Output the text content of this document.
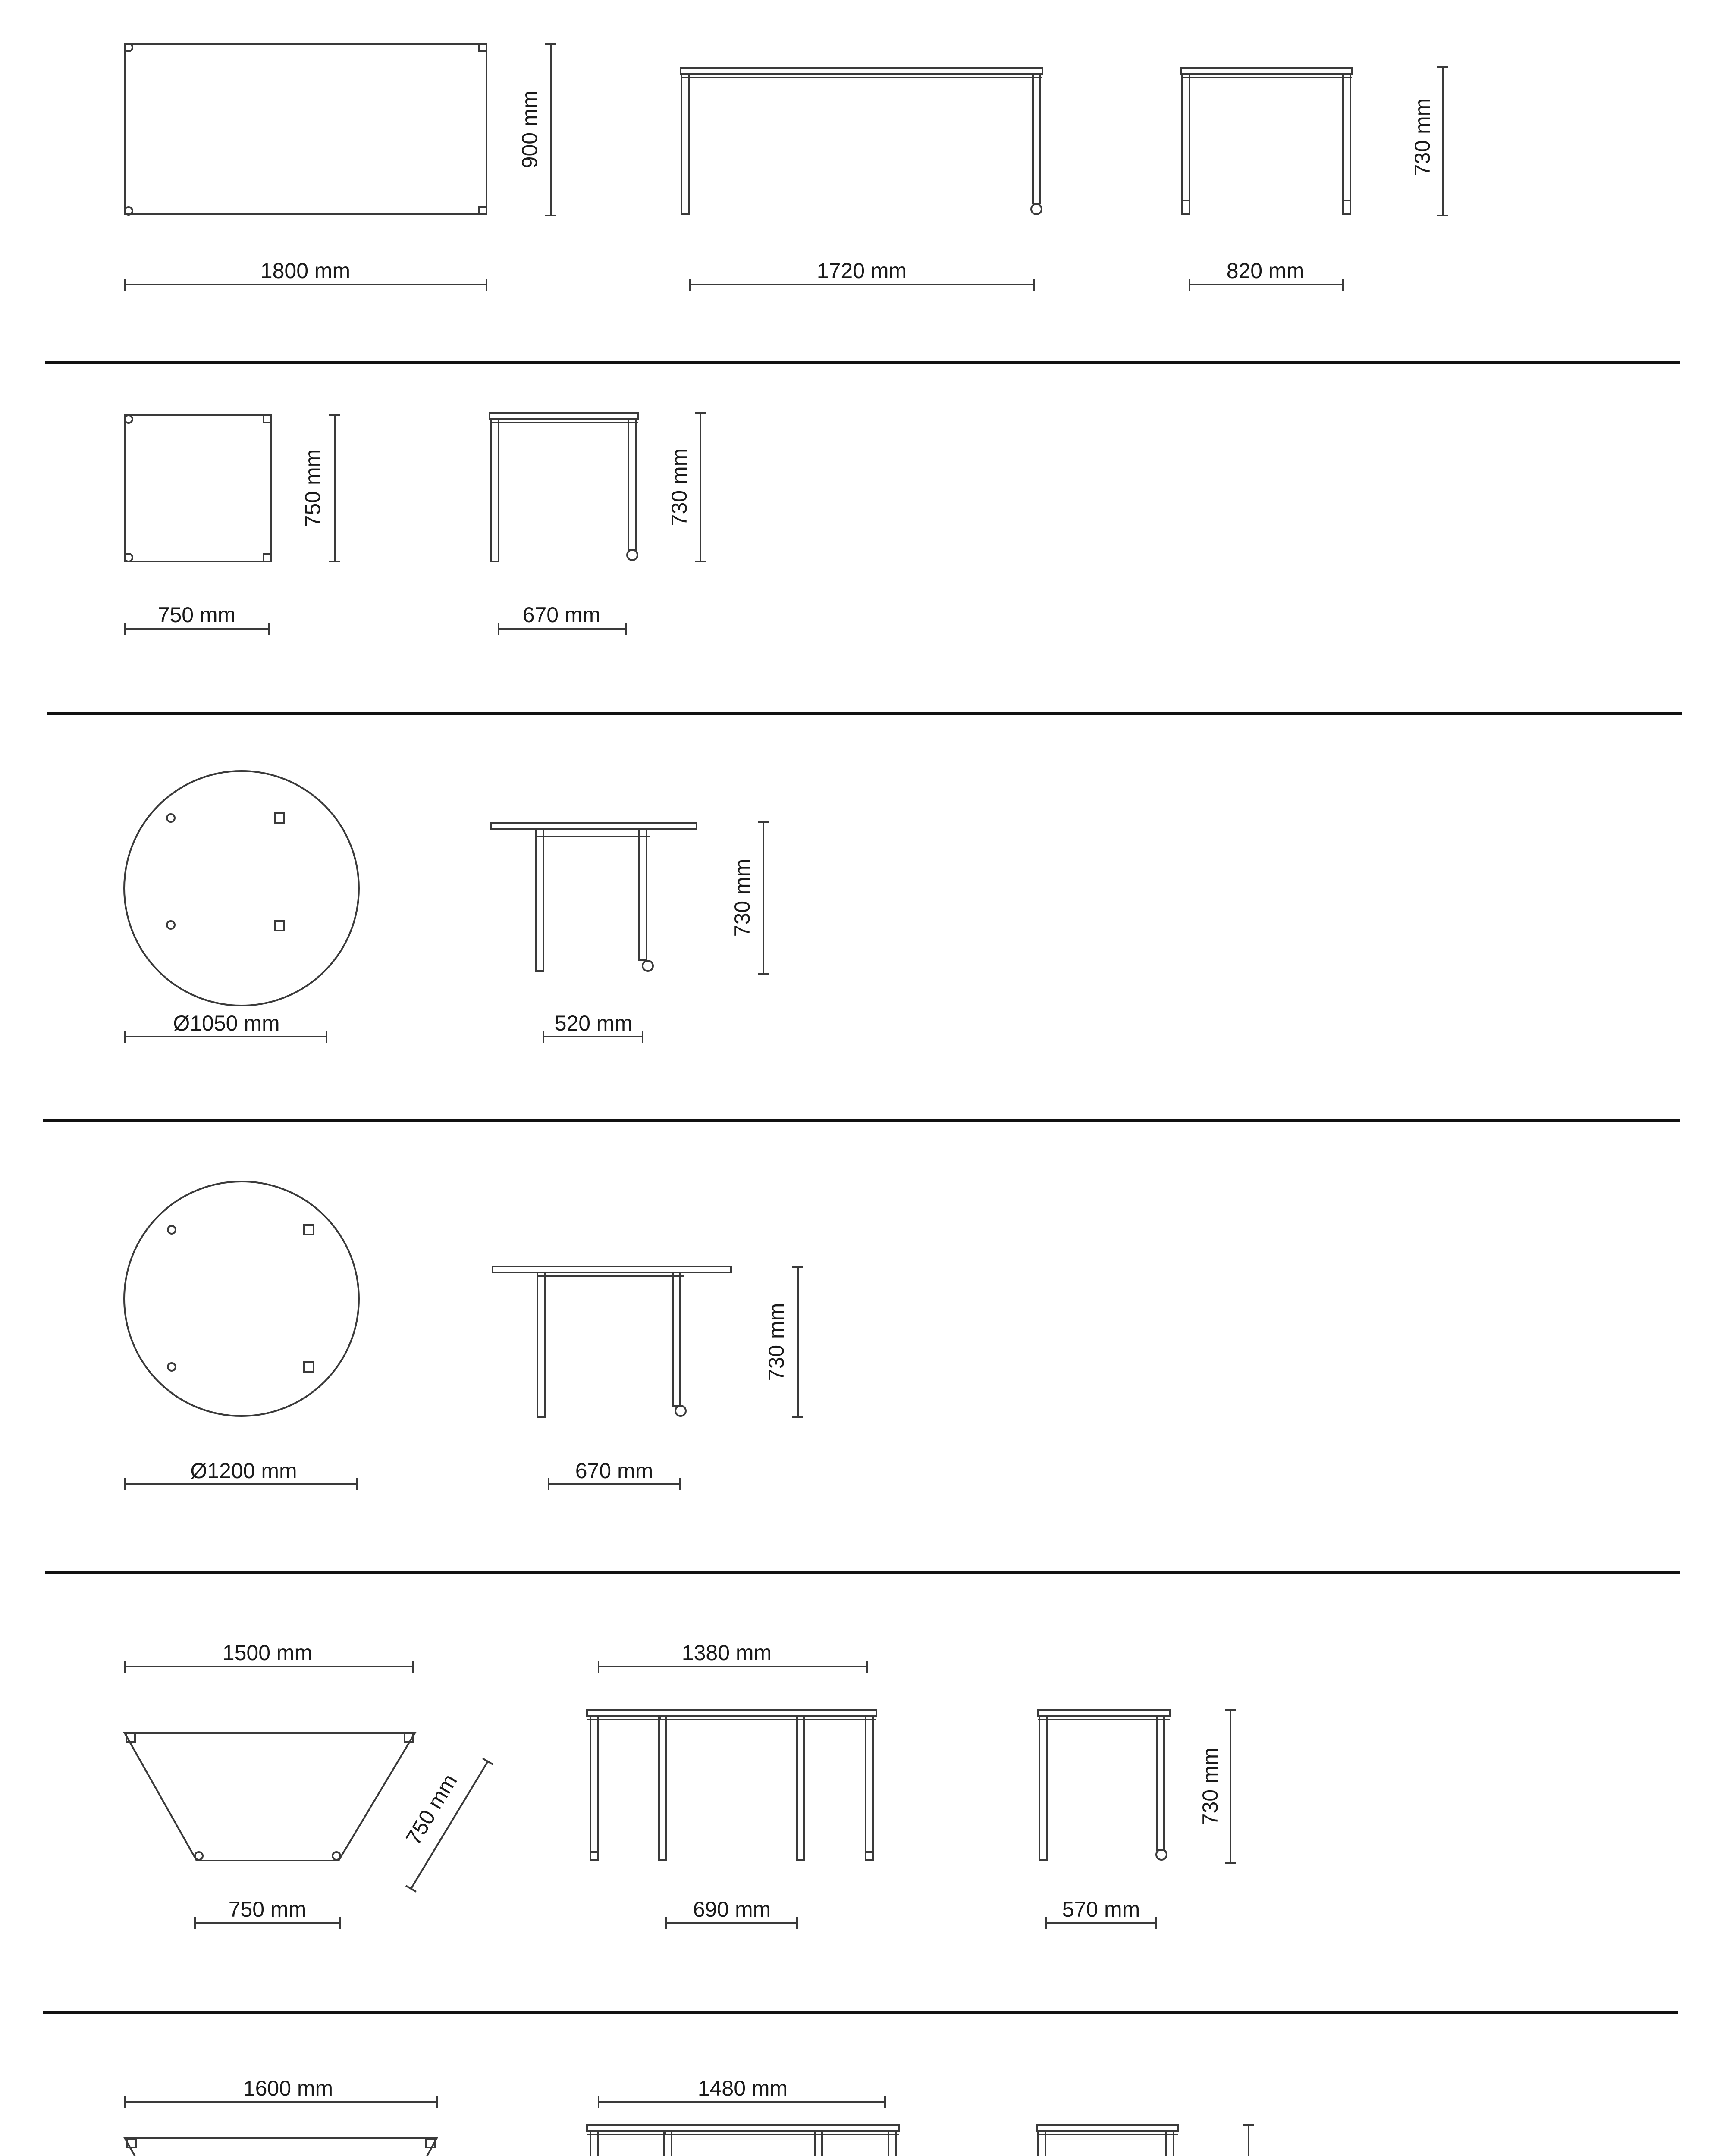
1800 mm
900 mm
1720 mm	820 mm
730 mm
750 mm
750 mm
670 mm
730 mm
Ø1050 mm	520 mm
730 mm
Ø1200 mm	670 mm
730 mm
1500 mm
750 mm
750 mm
1380 mm
690 mm	570 mm
730 mm
1600 mm	1480 mm
